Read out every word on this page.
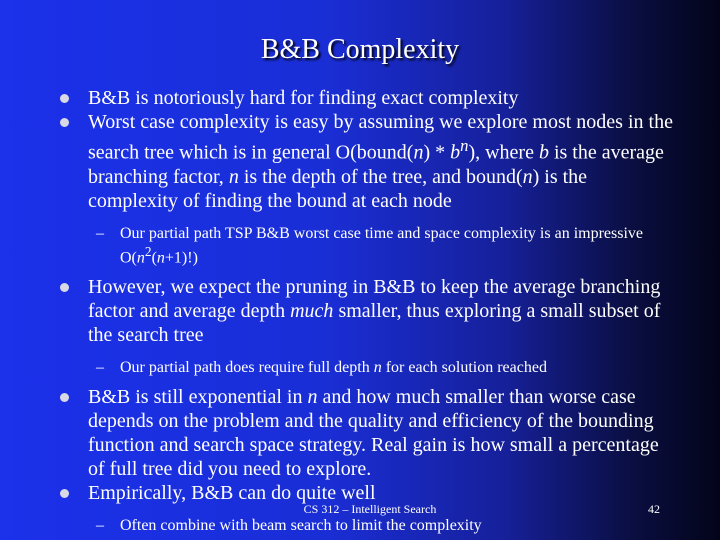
B&B Complexity

B&B is notoriously hard for finding exact complexity

Worst case complexity is easy by assuming we explore most nodes in the search tree which is in general O(bound(n) * $b^n$), where b is the average branching factor, n is the depth of the tree, and bound(n) is the complexity of finding the bound at each node

– Our partial path TSP B&B worst case time and space complexity is an impressive $O(n^2(n+1)!)$

However, we expect the pruning in B&B to keep the average branching factor and average depth much smaller, thus exploring a small subset of the search tree

– Our partial path does require full depth n for each solution reached

B&B is still exponential in n and how much smaller than worse case depends on the problem and the quality and efficiency of the bounding function and search space strategy. Real gain is how small a percentage of full tree did you need to explore.

Empirically, B&B can do quite well

– Often combine with beam search to limit the complexity

CS 312 – Intelligent Search	42
